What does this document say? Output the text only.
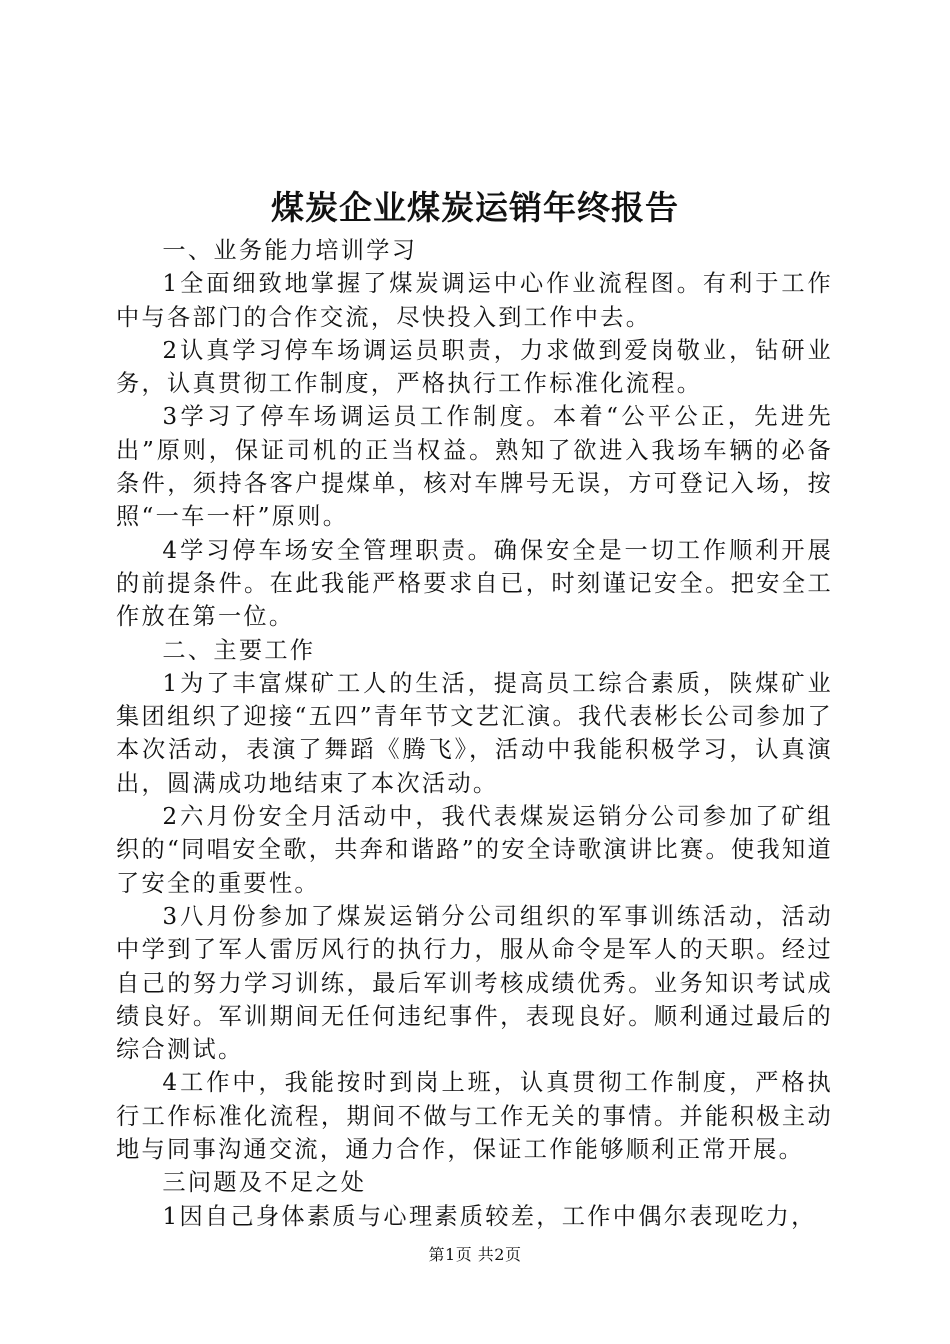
煤炭企业煤炭运销年终报告

一、业务能力培训学习

1全面细致地掌握了煤炭调运中心作业流程图。有利于工作中与各部门的合作交流，尽快投入到工作中去。

2认真学习停车场调运员职责，力求做到爱岗敬业，钻研业务，认真贯彻工作制度，严格执行工作标准化流程。

3学习了停车场调运员工作制度。本着“公平公正，先进先出”原则，保证司机的正当权益。熟知了欲进入我场车辆的必备条件，须持各客户提煤单，核对车牌号无误，方可登记入场，按照“一车一杆”原则。

4学习停车场安全管理职责。确保安全是一切工作顺利开展的前提条件。在此我能严格要求自已，时刻谨记安全。把安全工作放在第一位。

二、主要工作

1为了丰富煤矿工人的生活，提高员工综合素质，陕煤矿业集团组织了迎接“五四”青年节文艺汇演。我代表彬长公司参加了本次活动，表演了舞蹈《腾飞》，活动中我能积极学习，认真演出，圆满成功地结束了本次活动。

2六月份安全月活动中，我代表煤炭运销分公司参加了矿组织的“同唱安全歌，共奔和谐路”的安全诗歌演讲比赛。使我知道了安全的重要性。

3八月份参加了煤炭运销分公司组织的军事训练活动，活动中学到了军人雷厉风行的执行力，服从命令是军人的天职。经过自己的努力学习训练，最后军训考核成绩优秀。业务知识考试成绩良好。军训期间无任何违纪事件，表现良好。顺利通过最后的综合测试。

4工作中，我能按时到岗上班，认真贯彻工作制度，严格执行工作标准化流程，期间不做与工作无关的事情。并能积极主动地与同事沟通交流，通力合作，保证工作能够顺利正常开展。

三问题及不足之处

1因自己身体素质与心理素质较差，工作中偶尔表现吃力，

第1页 共2页
